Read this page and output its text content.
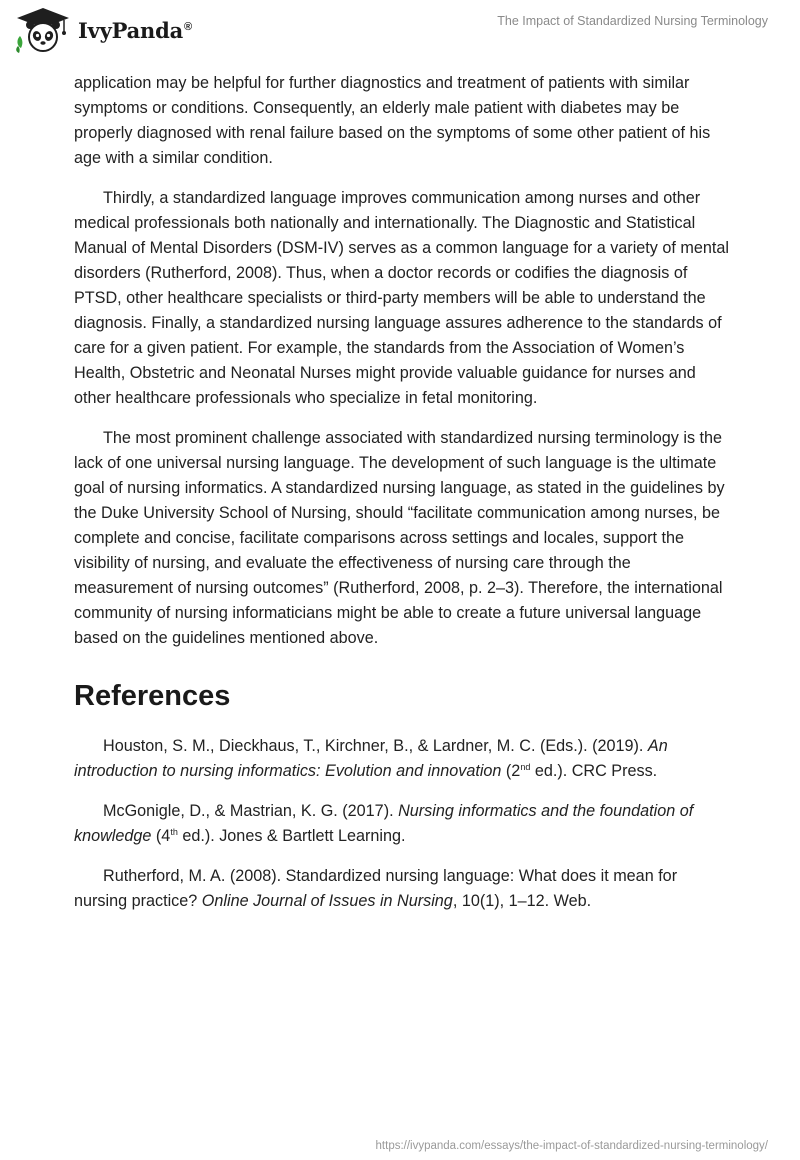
IvyPanda®	The Impact of Standardized Nursing Terminology

application may be helpful for further diagnostics and treatment of patients with similar symptoms or conditions. Consequently, an elderly male patient with diabetes may be properly diagnosed with renal failure based on the symptoms of some other patient of his age with a similar condition.

Thirdly, a standardized language improves communication among nurses and other medical professionals both nationally and internationally. The Diagnostic and Statistical Manual of Mental Disorders (DSM-IV) serves as a common language for a variety of mental disorders (Rutherford, 2008). Thus, when a doctor records or codifies the diagnosis of PTSD, other healthcare specialists or third-party members will be able to understand the diagnosis. Finally, a standardized nursing language assures adherence to the standards of care for a given patient. For example, the standards from the Association of Women’s Health, Obstetric and Neonatal Nurses might provide valuable guidance for nurses and other healthcare professionals who specialize in fetal monitoring.

The most prominent challenge associated with standardized nursing terminology is the lack of one universal nursing language. The development of such language is the ultimate goal of nursing informatics. A standardized nursing language, as stated in the guidelines by the Duke University School of Nursing, should “facilitate communication among nurses, be complete and concise, facilitate comparisons across settings and locales, support the visibility of nursing, and evaluate the effectiveness of nursing care through the measurement of nursing outcomes” (Rutherford, 2008, p. 2–3). Therefore, the international community of nursing informaticians might be able to create a future universal language based on the guidelines mentioned above.

References

Houston, S. M., Dieckhaus, T., Kirchner, B., & Lardner, M. C. (Eds.). (2019). An introduction to nursing informatics: Evolution and innovation (2nd ed.). CRC Press.

McGonigle, D., & Mastrian, K. G. (2017). Nursing informatics and the foundation of knowledge (4th ed.). Jones & Bartlett Learning.

Rutherford, M. A. (2008). Standardized nursing language: What does it mean for nursing practice? Online Journal of Issues in Nursing, 10(1), 1–12. Web.

https://ivypanda.com/essays/the-impact-of-standardized-nursing-terminology/
